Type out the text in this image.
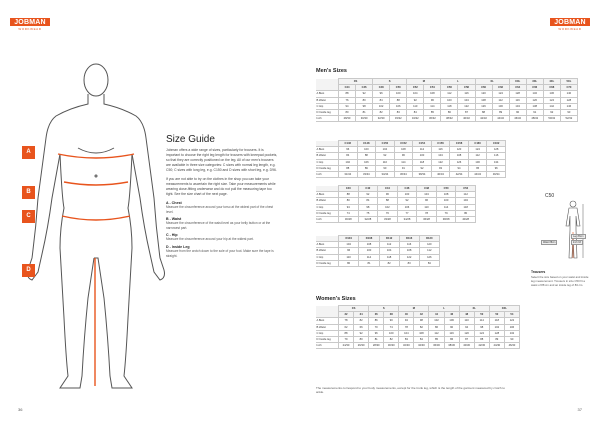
JOBMAN
WORKWEAR
A
B
C
D
Size Guide

Jobman offers a wide range of sizes, particularly for trousers. It is important to choose the right leg length for trousers with kneepad pockets, so that they are correctly positioned on the leg. All of our men's trousers are available in three size categories: C sizes with normal leg length, e.g. C50; C sizes with long leg, e.g. C150 and D sizes with short leg, e.g. D96.

If you are not able to try on the clothes in the shop you can take your measurements to ascertain the right size. Take your measurements while wearing close-fitting underwear and do not pull the measuring tape too tight. See the size chart of the next page.

A - Chest
Measure the circumference around your torso at the widest part of the chest level.
B - Waist
Measure the circumference of the waist level as your belly button or at the narrowest part.
C - Hip
Measure the circumference around your hip at the widest part.
D - Inside Leg
Measure from the crotch down to the sole of your foot. Make sure the tape is straight.
36
JOBMAN
WORKWEAR
37
Men's Sizes
	XS		S		M		L		XL		XXL	3XL	4XL	5XL
	C44	C46	C48	C50	C52	C54	C56	C58	C60	C62	C64	C66	C68	C70
A Bust	88	92	96	100	104	108	112	116	120	124	128	132	136	140
B Waist	76	80	84	88	92	96	100	104	108	112	116	120	124	128
C Hip	94	98	102	106	110	114	118	122	126	130	134	138	142	146
D Inside leg	80	81	82	83	84	85	86	87	88	89	90	91	92	93
Inch	28/30	30/30	32/30	33/32	34/32	36/32	38/32	40/32	42/32	44/32	46/32	48/32	50/32	52/32
	C146	C148	C150	C152	C154	C156	C158	C160	C162
A Bust	96	100	104	108	112	116	120	124	128
B Waist	84	88	92	96	100	104	108	112	116
C Hip	102	106	110	114	118	122	126	130	134
D Inside leg	88	89	90	91	92	93	94	95	96
Inch	31/34	33/34	34/34	36/34	38/34	40/34	42/34	44/34	46/34
	C40	C42	C44	C46	C48	C50	C52
A Bust	88	92	96	100	104	108	112
B Waist	80	84	88	92	96	100	104
C Hip	94	98	102	106	110	114	118
D Inside leg	74	75	76	77	78	79	80
Inch	30/28	32/28	33/28	34/28	36/28	38/28	40/28
	D104	D108	D112	D116	D120
A Bust	104	108	112	116	120
B Waist	96	100	104	108	112
C Hip	110	114	118	122	126
D Inside leg	80	81	82	83	84
Women's Sizes
	XS		S		M		L		XL		XXL	
	32	34	36	38	40	42	44	46	48	50	52	54
A Bust	78	82	86	90	94	98	102	106	110	114	118	122
B Waist	62	66	70	74	78	82	86	90	94	98	102	106
C Hip	88	92	96	100	104	108	112	116	120	124	128	132
D Inside leg	79	80	81	82	83	84	85	86	87	88	89	90
Inch	24/30	26/30	28/30	30/30	32/30	34/30	36/30	38/30	40/30	42/30	44/30	46/30
C50
Waist 88cm
Leg 83cm
Inch 33
Trousers
Select the size based on your waist and inside leg measurement. Trousers in size C50 fit a waist of 88 cm and an inside leg of 83 cm.
The measurements correspond to your body measurements, except for the trunk leg, which is the length of the garment measured by crotch to ankle.
